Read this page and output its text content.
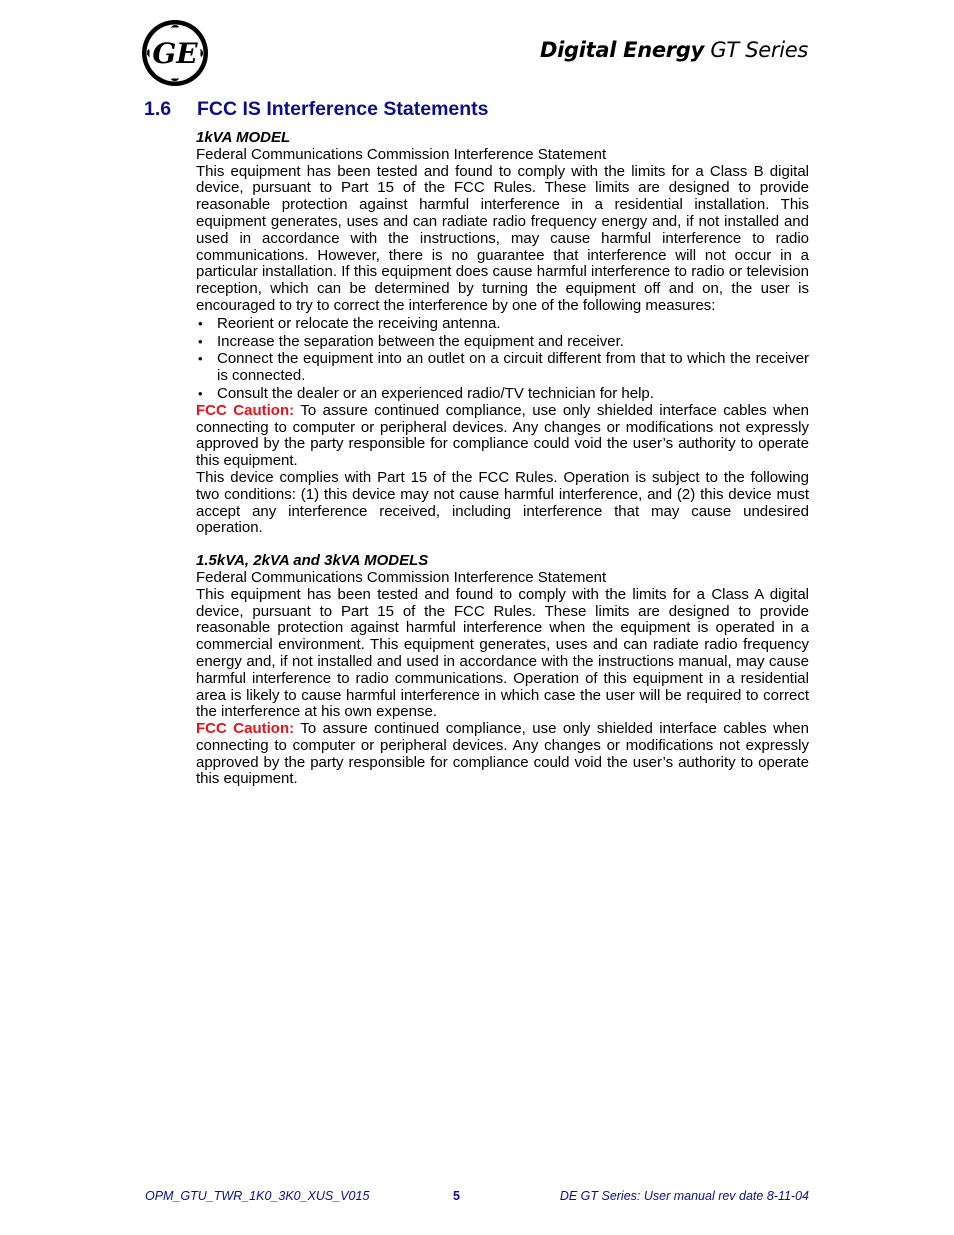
GE	Digital Energy GT Series
1.6 FCC IS Interference Statements

1kVA MODEL

Federal Communications Commission Interference Statement

This equipment has been tested and found to comply with the limits for a Class B digital device, pursuant to Part 15 of the FCC Rules. These limits are designed to provide reasonable protection against harmful interference in a residential installation. This equipment generates, uses and can radiate radio frequency energy and, if not installed and used in accordance with the instructions, may cause harmful interference to radio communications. However, there is no guarantee that interference will not occur in a particular installation. If this equipment does cause harmful interference to radio or television reception, which can be determined by turning the equipment off and on, the user is encouraged to try to correct the interference by one of the following measures:

• Reorient or relocate the receiving antenna.
• Increase the separation between the equipment and receiver.
• Connect the equipment into an outlet on a circuit different from that to which the receiver is connected.
• Consult the dealer or an experienced radio/TV technician for help.

FCC Caution: To assure continued compliance, use only shielded interface cables when connecting to computer or peripheral devices. Any changes or modifications not expressly approved by the party responsible for compliance could void the user’s authority to operate this equipment.

This device complies with Part 15 of the FCC Rules. Operation is subject to the following two conditions: (1) this device may not cause harmful interference, and (2) this device must accept any interference received, including interference that may cause undesired operation.

1.5kVA, 2kVA and 3kVA MODELS

Federal Communications Commission Interference Statement

This equipment has been tested and found to comply with the limits for a Class A digital device, pursuant to Part 15 of the FCC Rules. These limits are designed to provide reasonable protection against harmful interference when the equipment is operated in a commercial environment. This equipment generates, uses and can radiate radio frequency energy and, if not installed and used in accordance with the instructions manual, may cause harmful interference to radio communications. Operation of this equipment in a residential area is likely to cause harmful interference in which case the user will be required to correct the interference at his own expense.

FCC Caution: To assure continued compliance, use only shielded interface cables when connecting to computer or peripheral devices. Any changes or modifications not expressly approved by the party responsible for compliance could void the user’s authority to operate this equipment.

OPM_GTU_TWR_1K0_3K0_XUS_V015	5	DE GT Series: User manual rev date 8-11-04
